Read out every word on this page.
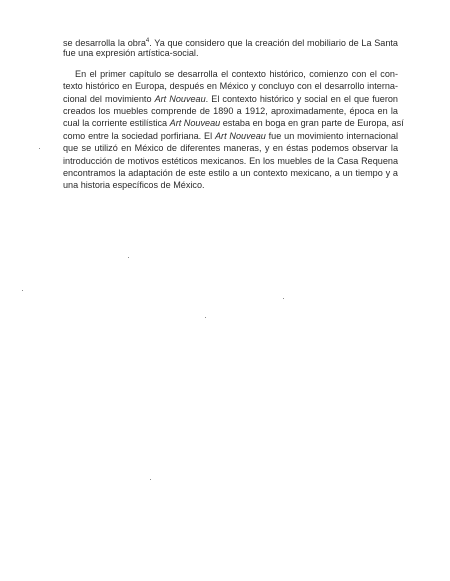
se desarrolla la obra$^4$. Ya que considero que la creación del mobiliario de La Santa
fue una expresión artística-social.
En el primer capítulo se desarrolla el contexto histórico, comienzo con el con-
texto histórico en Europa, después en México y concluyo con el desarrollo interna-
cional del movimiento Art Nouveau. El contexto histórico y social en el que fueron
creados los muebles comprende de 1890 a 1912, aproximadamente, época en la
cual la corriente estilística Art Nouveau estaba en boga en gran parte de Europa, así
como entre la sociedad porfiriana. El Art Nouveau fue un movimiento internacional
que se utilizó en México de diferentes maneras, y en éstas podemos observar la
introducción de motivos estéticos mexicanos. En los muebles de la Casa Requena
encontramos la adaptación de este estilo a un contexto mexicano, a un tiempo y a
una historia específicos de México.
